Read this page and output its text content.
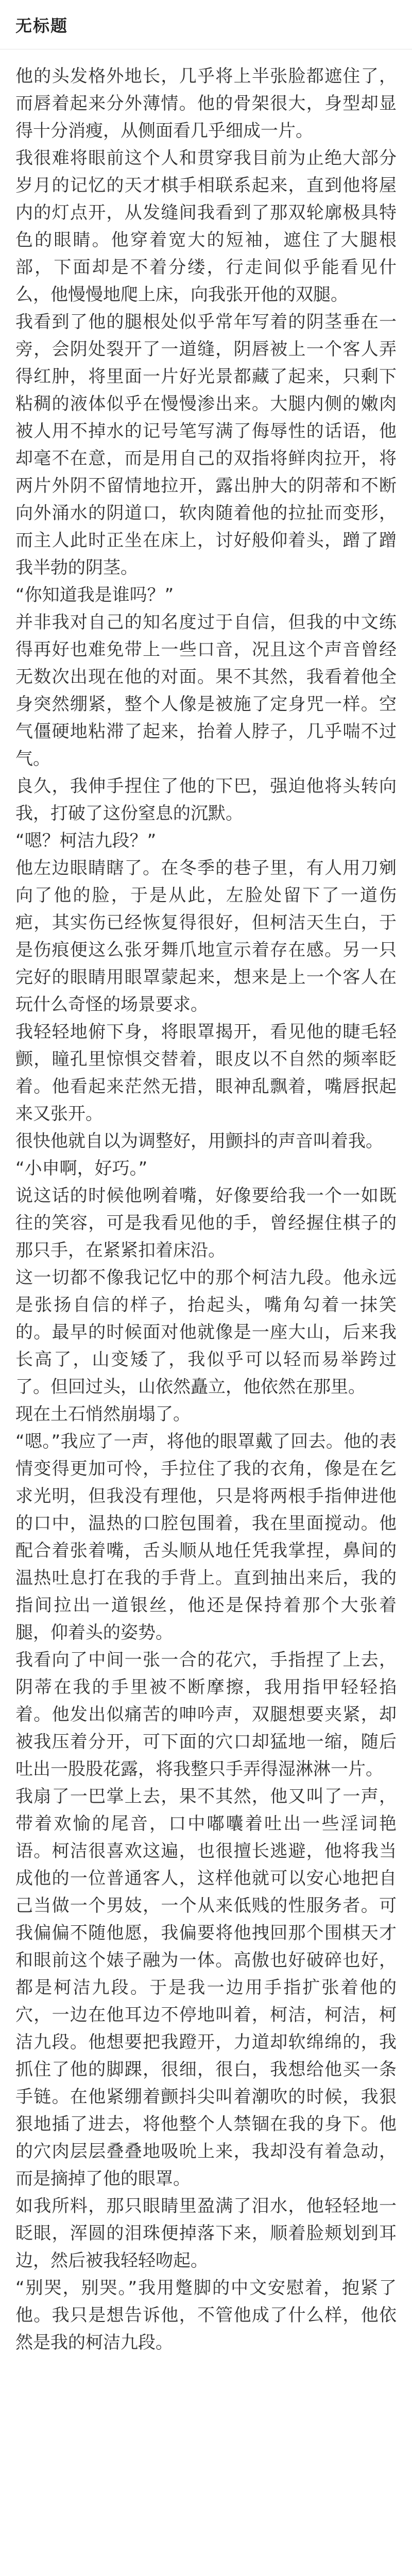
无标题

他的头发格外地长，几乎将上半张脸都遮住了，而唇着起来分外薄情。他的骨架很大，身型却显得十分消瘦，从侧面看几乎细成一片。

我很难将眼前这个人和贯穿我目前为止绝大部分岁月的记忆的天才棋手相联系起来，直到他将屋内的灯点开，从发缝间我看到了那双轮廓极具特色的眼睛。他穿着宽大的短袖，遮住了大腿根部，下面却是不着分缕，行走间似乎能看见什么，他慢慢地爬上床，向我张开他的双腿。

我看到了他的腿根处似乎常年写着的阴茎垂在一旁，会阴处裂开了一道缝，阴唇被上一个客人弄得红肿，将里面一片好光景都藏了起来，只剩下粘稠的液体似乎在慢慢渗出来。大腿内侧的嫩肉被人用不掉水的记号笔写满了侮辱性的话语，他却毫不在意，而是用自己的双指将鲜肉拉开，将两片外阴不留情地拉开，露出肿大的阴蒂和不断向外涌水的阴道口，软肉随着他的拉扯而变形，而主人此时正坐在床上，讨好般仰着头，蹭了蹭我半勃的阴茎。

“你知道我是谁吗？”

并非我对自己的知名度过于自信，但我的中文练得再好也难免带上一些口音，况且这个声音曾经无数次出现在他的对面。果不其然，我看着他全身突然绷紧，整个人像是被施了定身咒一样。空气僵硬地粘滞了起来，抬着人脖子，几乎喘不过气。

良久，我伸手捏住了他的下巴，强迫他将头转向我，打破了这份窒息的沉默。

“嗯？柯洁九段？”

他左边眼睛瞎了。在冬季的巷子里，有人用刀剜向了他的脸，于是从此，左脸处留下了一道伤疤，其实伤已经恢复得很好，但柯洁天生白，于是伤痕便这么张牙舞爪地宣示着存在感。另一只完好的眼睛用眼罩蒙起来，想来是上一个客人在玩什么奇怪的场景要求。

我轻轻地俯下身，将眼罩揭开，看见他的睫毛轻颤，瞳孔里惊惧交替着，眼皮以不自然的频率眨着。他看起来茫然无措，眼神乱飘着，嘴唇抿起来又张开。

很快他就自以为调整好，用颤抖的声音叫着我。

“小申啊，好巧。”

说这话的时候他咧着嘴，好像要给我一个一如既往的笑容，可是我看见他的手，曾经握住棋子的那只手，在紧紧扣着床沿。

这一切都不像我记忆中的那个柯洁九段。他永远是张扬自信的样子，抬起头，嘴角勾着一抹笑的。最早的时候面对他就像是一座大山，后来我长高了，山变矮了，我似乎可以轻而易举跨过了。但回过头，山依然矗立，他依然在那里。

现在土石悄然崩塌了。

“嗯。”我应了一声，将他的眼罩戴了回去。他的表情变得更加可怜，手拉住了我的衣角，像是在乞求光明，但我没有理他，只是将两根手指伸进他的口中，温热的口腔包围着，我在里面搅动。他配合着张着嘴，舌头顺从地任凭我掌捏，鼻间的温热吐息打在我的手背上。直到抽出来后，我的指间拉出一道银丝，他还是保持着那个大张着腿，仰着头的姿势。

我看向了中间一张一合的花穴，手指捏了上去，阴蒂在我的手里被不断摩擦，我用指甲轻轻掐着。他发出似痛苦的呻吟声，双腿想要夹紧，却被我压着分开，可下面的穴口却猛地一缩，随后吐出一股股花露，将我整只手弄得湿淋淋一片。

我扇了一巴掌上去，果不其然，他又叫了一声，带着欢愉的尾音，口中嘟囔着吐出一些淫词艳语。柯洁很喜欢这遍，也很擅长逃避，他将我当成他的一位普通客人，这样他就可以安心地把自己当做一个男妓，一个从来低贱的性服务者。可我偏偏不随他愿，我偏要将他拽回那个围棋天才和眼前这个婊子融为一体。高傲也好破碎也好，都是柯洁九段。于是我一边用手指扩张着他的穴，一边在他耳边不停地叫着，柯洁，柯洁，柯洁九段。他想要把我蹬开，力道却软绵绵的，我抓住了他的脚踝，很细，很白，我想给他买一条手链。在他紧绷着颤抖尖叫着潮吹的时候，我狠狠地插了进去，将他整个人禁锢在我的身下。他的穴肉层层叠叠地吸吮上来，我却没有着急动，而是摘掉了他的眼罩。

如我所料，那只眼睛里盈满了泪水，他轻轻地一眨眼，浑圆的泪珠便掉落下来，顺着脸颊划到耳边，然后被我轻轻吻起。

“别哭，别哭。”我用蹩脚的中文安慰着，抱紧了他。我只是想告诉他，不管他成了什么样，他依然是我的柯洁九段。
